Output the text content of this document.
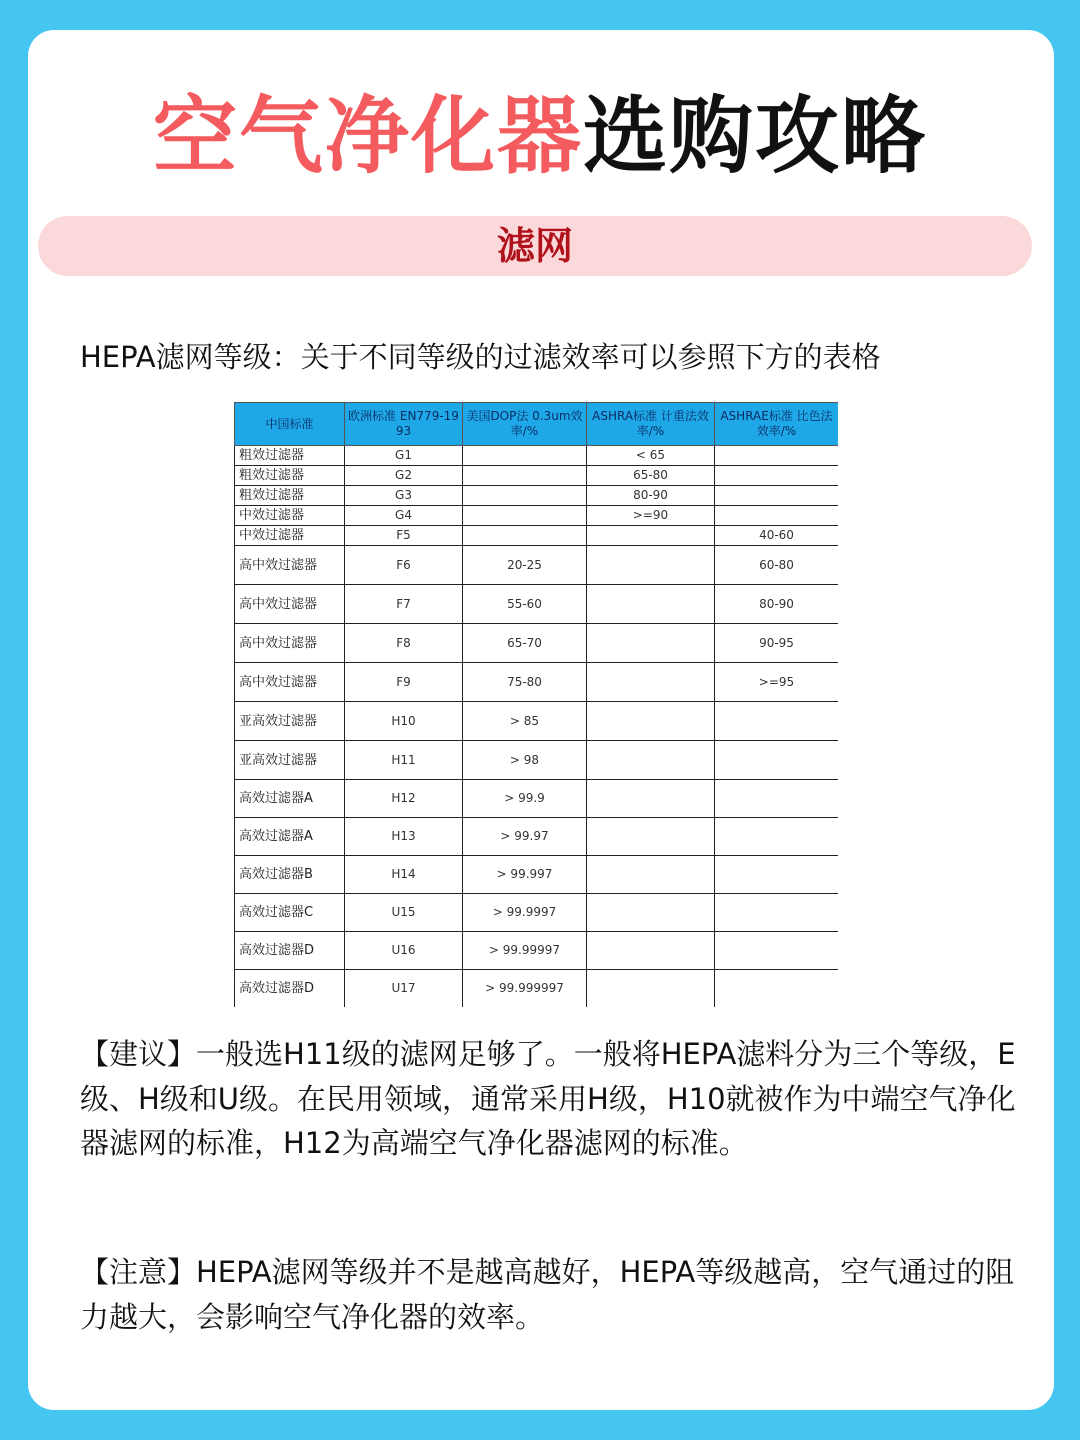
空气净化器选购攻略
滤网

HEPA滤网等级：关于不同等级的过滤效率可以参照下方的表格

中国标准	欧洲标准 EN779-1993	美国DOP法 0.3um效率/%	ASHRA标准 计重法效率/%	ASHRAE标准 比色法效率/%
粗效过滤器	G1		< 65	
粗效过滤器	G2		65-80	
粗效过滤器	G3		80-90	
中效过滤器	G4		>=90	
中效过滤器	F5			40-60
高中效过滤器	F6	20-25		60-80
高中效过滤器	F7	55-60		80-90
高中效过滤器	F8	65-70		90-95
高中效过滤器	F9	75-80		>=95
亚高效过滤器	H10	> 85		
亚高效过滤器	H11	> 98		
高效过滤器A	H12	> 99.9		
高效过滤器A	H13	> 99.97		
高效过滤器B	H14	> 99.997		
高效过滤器C	U15	> 99.9997		
高效过滤器D	U16	> 99.99997		
高效过滤器D	U17	> 99.999997		

【建议】一般选H11级的滤网足够了。一般将HEPA滤料分为三个等级，E级、H级和U级。在民用领域，通常采用H级，H10就被作为中端空气净化器滤网的标准，H12为高端空气净化器滤网的标准。

【注意】HEPA滤网等级并不是越高越好，HEPA等级越高，空气通过的阻力越大，会影响空气净化器的效率。
